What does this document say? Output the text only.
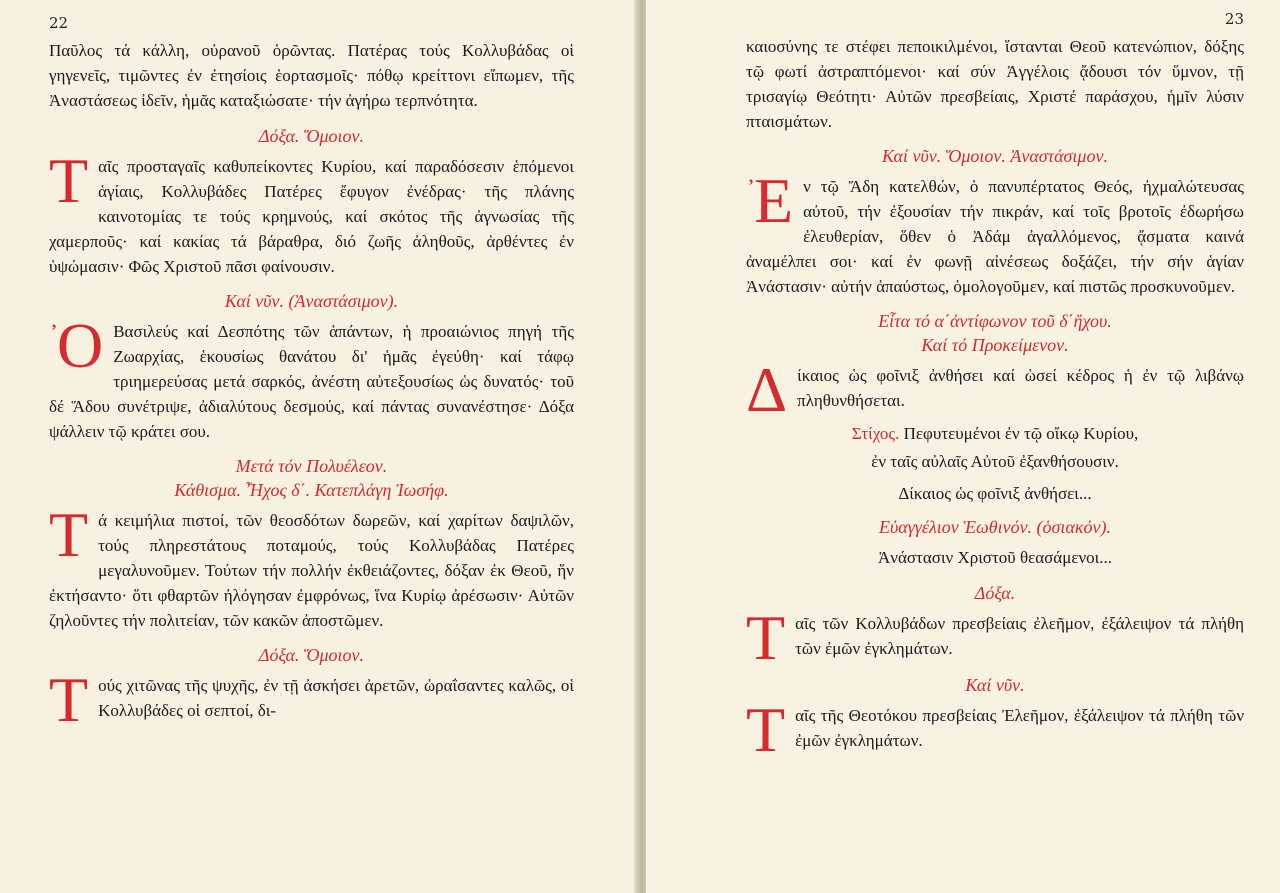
22

Παῦλος τά κάλλη, οὐρανοῦ ὁρῶντας. Πατέρας τούς Κολλυβάδας οἱ γηγενεῖς, τιμῶντες ἐν ἐτησίοις ἑορτασμοῖς· πόθῳ κρείττονι εἴπωμεν, τῆς Ἀναστάσεως ἰδεῖν, ἡμᾶς καταξιώσατε· τήν ἀγήρω τερπνότητα.

Δόξα. Ὅμοιον.
Τ αῖς προσταγαῖς καθυπείκοντες Κυρίου, καί παραδόσεσιν ἑπόμενοι ἁγίαις, Κολλυβάδες Πατέρες ἔφυγον ἐνέδρας· τῆς πλάνης καινοτομίας τε τούς κρημνούς, καί σκότος τῆς ἀγνωσίας τῆς χαμερποῦς· καί κακίας τά βάραθρα, διό ζωῆς ἀληθοῦς, ἀρθέντες ἐν ὑψώμασιν· Φῶς Χριστοῦ πᾶσι φαίνουσιν.

Καί νῦν. (Ἀναστάσιμον).
᾿Ο Βασιλεύς καί Δεσπότης τῶν ἁπάντων, ἡ προαιώνιος πηγή τῆς Ζωαρχίας, ἑκουσίως θανάτου δι' ἡμᾶς ἐγεύθη· καί τάφῳ τριημερεύσας μετά σαρκός, ἀνέστη αὐτεξουσίως ὡς δυνατός· τοῦ δέ Ἅδου συνέτριψε, ἀδιαλύτους δεσμούς, καί πάντας συνανέστησε· Δόξα ψάλλειν τῷ κράτει σου.

Μετά τόν Πολυέλεον.
Κάθισμα. Ἦχος δ΄. Κατεπλάγη Ἰωσήφ.
Τ ά κειμήλια πιστοί, τῶν θεοσδότων δωρεῶν, καί χαρίτων δαψιλῶν, τούς πληρεστάτους ποταμούς, τούς Κολλυβάδας Πατέρες μεγαλυνοῦμεν. Τούτων τήν πολλήν ἐκθειάζοντες, δόξαν ἐκ Θεοῦ, ἥν ἐκτήσαντο· ὅτι φθαρτῶν ἠλόγησαν ἐμφρόνως, ἵνα Κυρίῳ ἀρέσωσιν· Αὐτῶν ζηλοῦντες τήν πολιτείαν, τῶν κακῶν ἀποστῶμεν.

Δόξα. Ὅμοιον.
Τ ούς χιτῶνας τῆς ψυχῆς, ἐν τῇ ἀσκήσει ἀρετῶν, ὡραΐσαντες καλῶς, οἱ Κολλυβάδες οἱ σεπτοί, δι-

23

καιοσύνης τε στέφει πεποικιλμένοι, ἵστανται Θεοῦ κατενώπιον, δόξης τῷ φωτί ἀστραπτόμενοι· καί σύν Ἀγγέλοις ᾄδουσι τόν ὕμνον, τῇ τρισαγίῳ Θεότητι· Αὐτῶν πρεσβείαις, Χριστέ παράσχου, ἡμῖν λύσιν πταισμάτων.

Καί νῦν. Ὅμοιον. Ἀναστάσιμον.
᾿Ε ν τῷ Ἅδη κατελθών, ὁ πανυπέρτατος Θεός, ἠχμαλώτευσας αὐτοῦ, τήν ἐξουσίαν τήν πικράν, καί τοῖς βροτοῖς ἐδωρήσω ἐλευθερίαν, ὅθεν ὁ Ἀδάμ ἀγαλλόμενος, ᾄσματα καινά ἀναμέλπει σοι· καί ἐν φωνῇ αἰνέσεως δοξάζει, τήν σήν ἁγίαν Ἀνάστασιν· αὐτήν ἀπαύστως, ὁμολογοῦμεν, καί πιστῶς προσκυνοῦμεν.

Εἶτα τό α΄ἀντίφωνον τοῦ δ΄ἤχου.
Καί τό Προκείμενον.
Δ ίκαιος ὡς φοῖνιξ ἀνθήσει καί ὡσεί κέδρος ἡ ἐν τῷ λιβάνῳ πληθυνθήσεται.

Στίχος. Πεφυτευμένοι ἐν τῷ οἴκῳ Κυρίου,
ἐν ταῖς αὐλαῖς Αὐτοῦ ἐξανθήσουσιν.
Δίκαιος ὡς φοῖνιξ ἀνθήσει...
Εὐαγγέλιον Ἑωθινόν. (ὁσιακόν).
Ἀνάστασιν Χριστοῦ θεασάμενοι...
Δόξα.
Τ αῖς τῶν Κολλυβάδων πρεσβείαις ἐλεῆμον, ἐξάλειψον τά πλήθη τῶν ἐμῶν ἐγκλημάτων.

Καί νῦν.
Τ αῖς τῆς Θεοτόκου πρεσβείαις Ἐλεῆμον, ἐξάλειψον τά πλήθη τῶν ἐμῶν ἐγκλημάτων.
